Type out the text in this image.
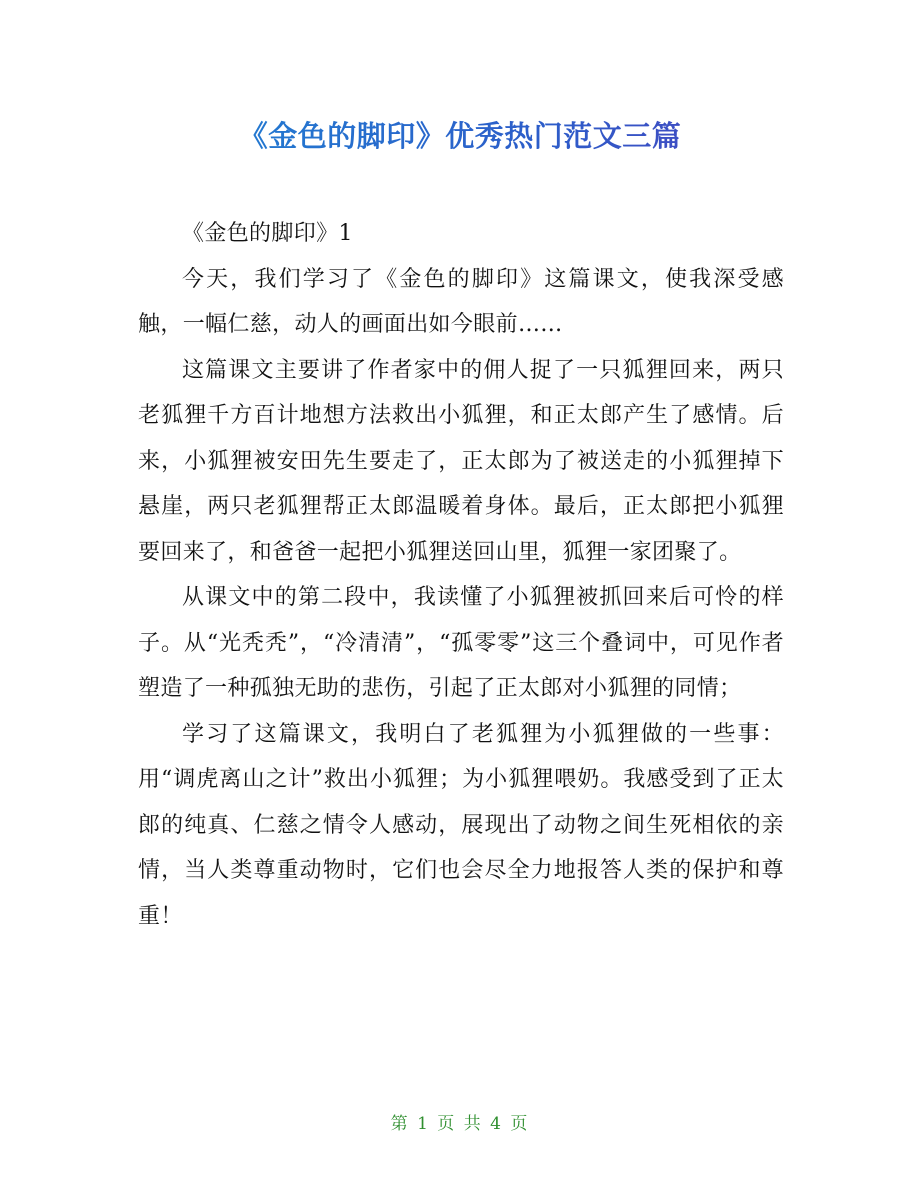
《金色的脚印》优秀热门范文三篇

《金色的脚印》1

今天，我们学习了《金色的脚印》这篇课文，使我深受感触，一幅仁慈，动人的画面出如今眼前……

这篇课文主要讲了作者家中的佣人捉了一只狐狸回来，两只老狐狸千方百计地想方法救出小狐狸，和正太郎产生了感情。后来，小狐狸被安田先生要走了，正太郎为了被送走的小狐狸掉下悬崖，两只老狐狸帮正太郎温暖着身体。最后，正太郎把小狐狸要回来了，和爸爸一起把小狐狸送回山里，狐狸一家团聚了。

从课文中的第二段中，我读懂了小狐狸被抓回来后可怜的样子。从“光秃秃”，“冷清清”，“孤零零”这三个叠词中，可见作者塑造了一种孤独无助的悲伤，引起了正太郎对小狐狸的同情；

学习了这篇课文，我明白了老狐狸为小狐狸做的一些事：用“调虎离山之计”救出小狐狸；为小狐狸喂奶。我感受到了正太郎的纯真、仁慈之情令人感动，展现出了动物之间生死相依的亲情，当人类尊重动物时，它们也会尽全力地报答人类的保护和尊重！

第 1 页 共 4 页
